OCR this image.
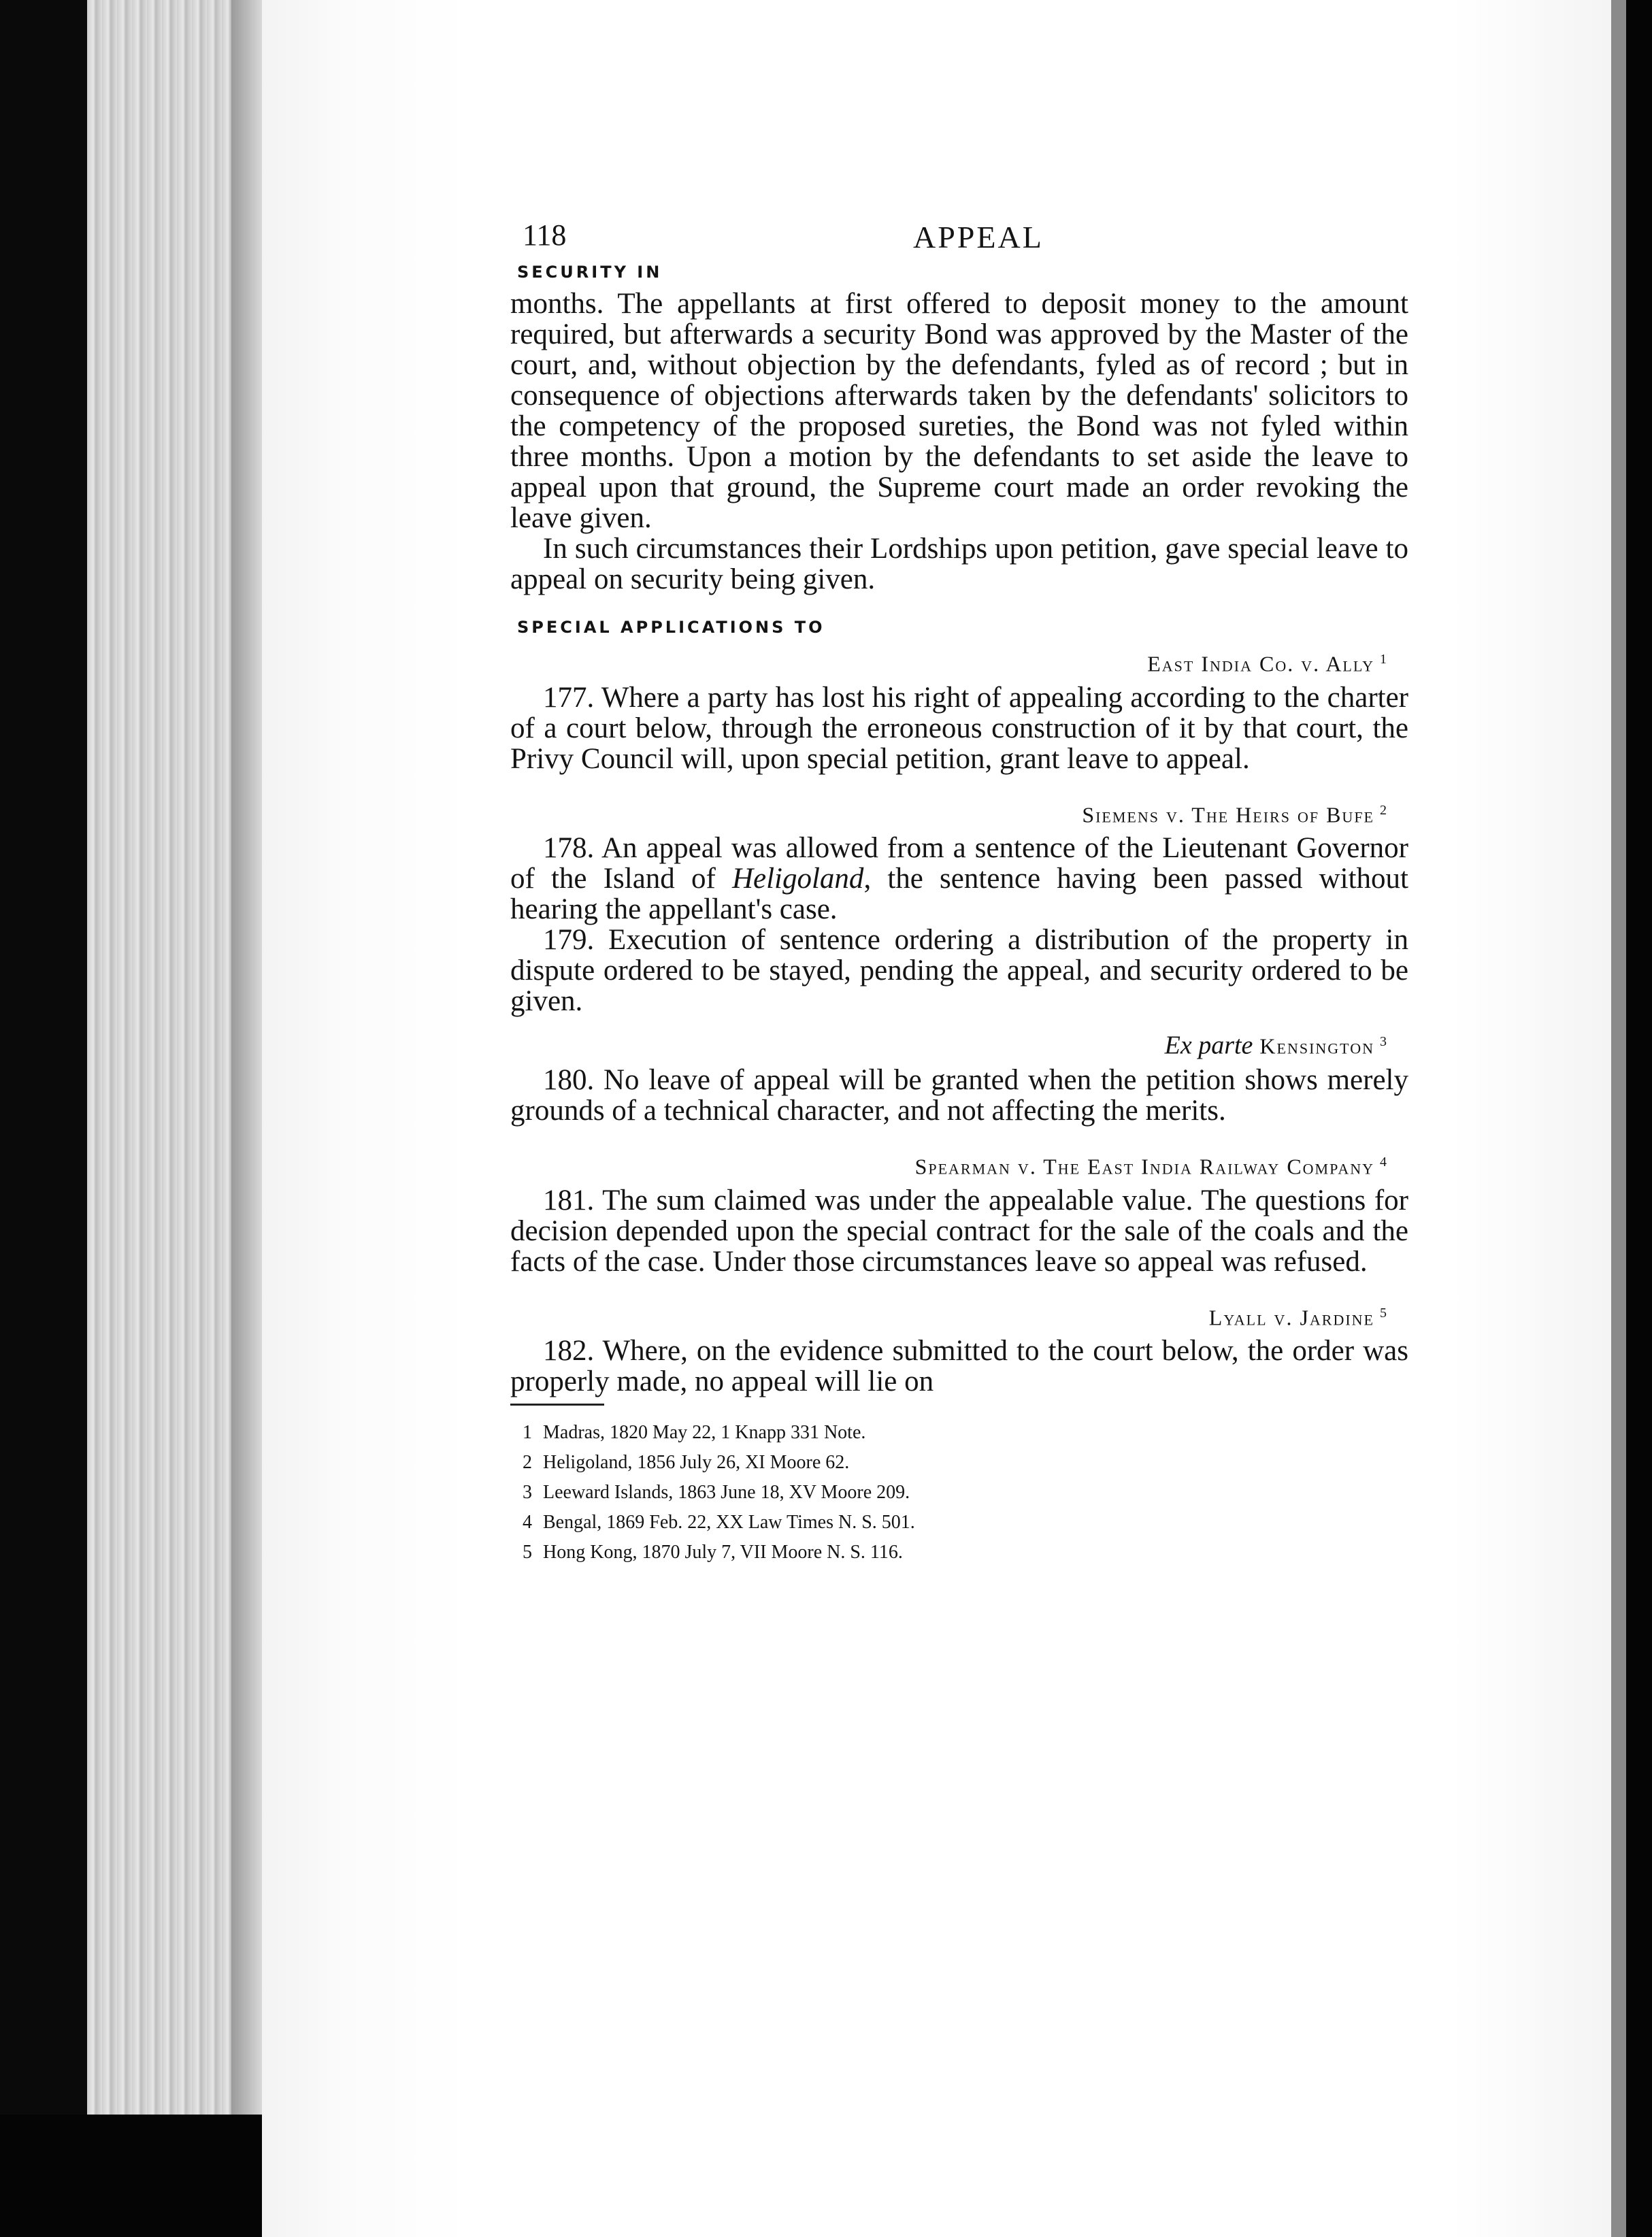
118	APPEAL
SECURITY IN

months. The appellants at first offered to deposit money to the amount required, but afterwards a security Bond was approved by the Master of the court, and, without objection by the defendants, fyled as of record ; but in consequence of objections afterwards taken by the defendants' solicitors to the competency of the proposed sureties, the Bond was not fyled within three months. Upon a motion by the defendants to set aside the leave to appeal upon that ground, the Supreme court made an order revoking the leave given.

In such circumstances their Lordships upon petition, gave special leave to appeal on security being given.

SPECIAL APPLICATIONS TO
East India Co. v. Ally $^1$

177. Where a party has lost his right of appealing according to the charter of a court below, through the erroneous construction of it by that court, the Privy Council will, upon special petition, grant leave to appeal.

Siemens v. The Heirs of Bufe $^2$

178. An appeal was allowed from a sentence of the Lieutenant Governor of the Island of Heligoland, the sentence having been passed without hearing the appellant's case.

179. Execution of sentence ordering a distribution of the property in dispute ordered to be stayed, pending the appeal, and security ordered to be given.

Ex parte Kensington $^3$

180. No leave of appeal will be granted when the petition shows merely grounds of a technical character, and not affecting the merits.

Spearman v. The East India Railway Company $^4$

181. The sum claimed was under the appealable value. The questions for decision depended upon the special contract for the sale of the coals and the facts of the case. Under those circumstances leave so appeal was refused.

Lyall v. Jardine $^5$

182. Where, on the evidence submitted to the court below, the order was properly made, no appeal will lie on

1 Madras, 1820 May 22, 1 Knapp 331 Note.
2 Heligoland, 1856 July 26, XI Moore 62.
3 Leeward Islands, 1863 June 18, XV Moore 209.
4 Bengal, 1869 Feb. 22, XX Law Times N. S. 501.
5 Hong Kong, 1870 July 7, VII Moore N. S. 116.
